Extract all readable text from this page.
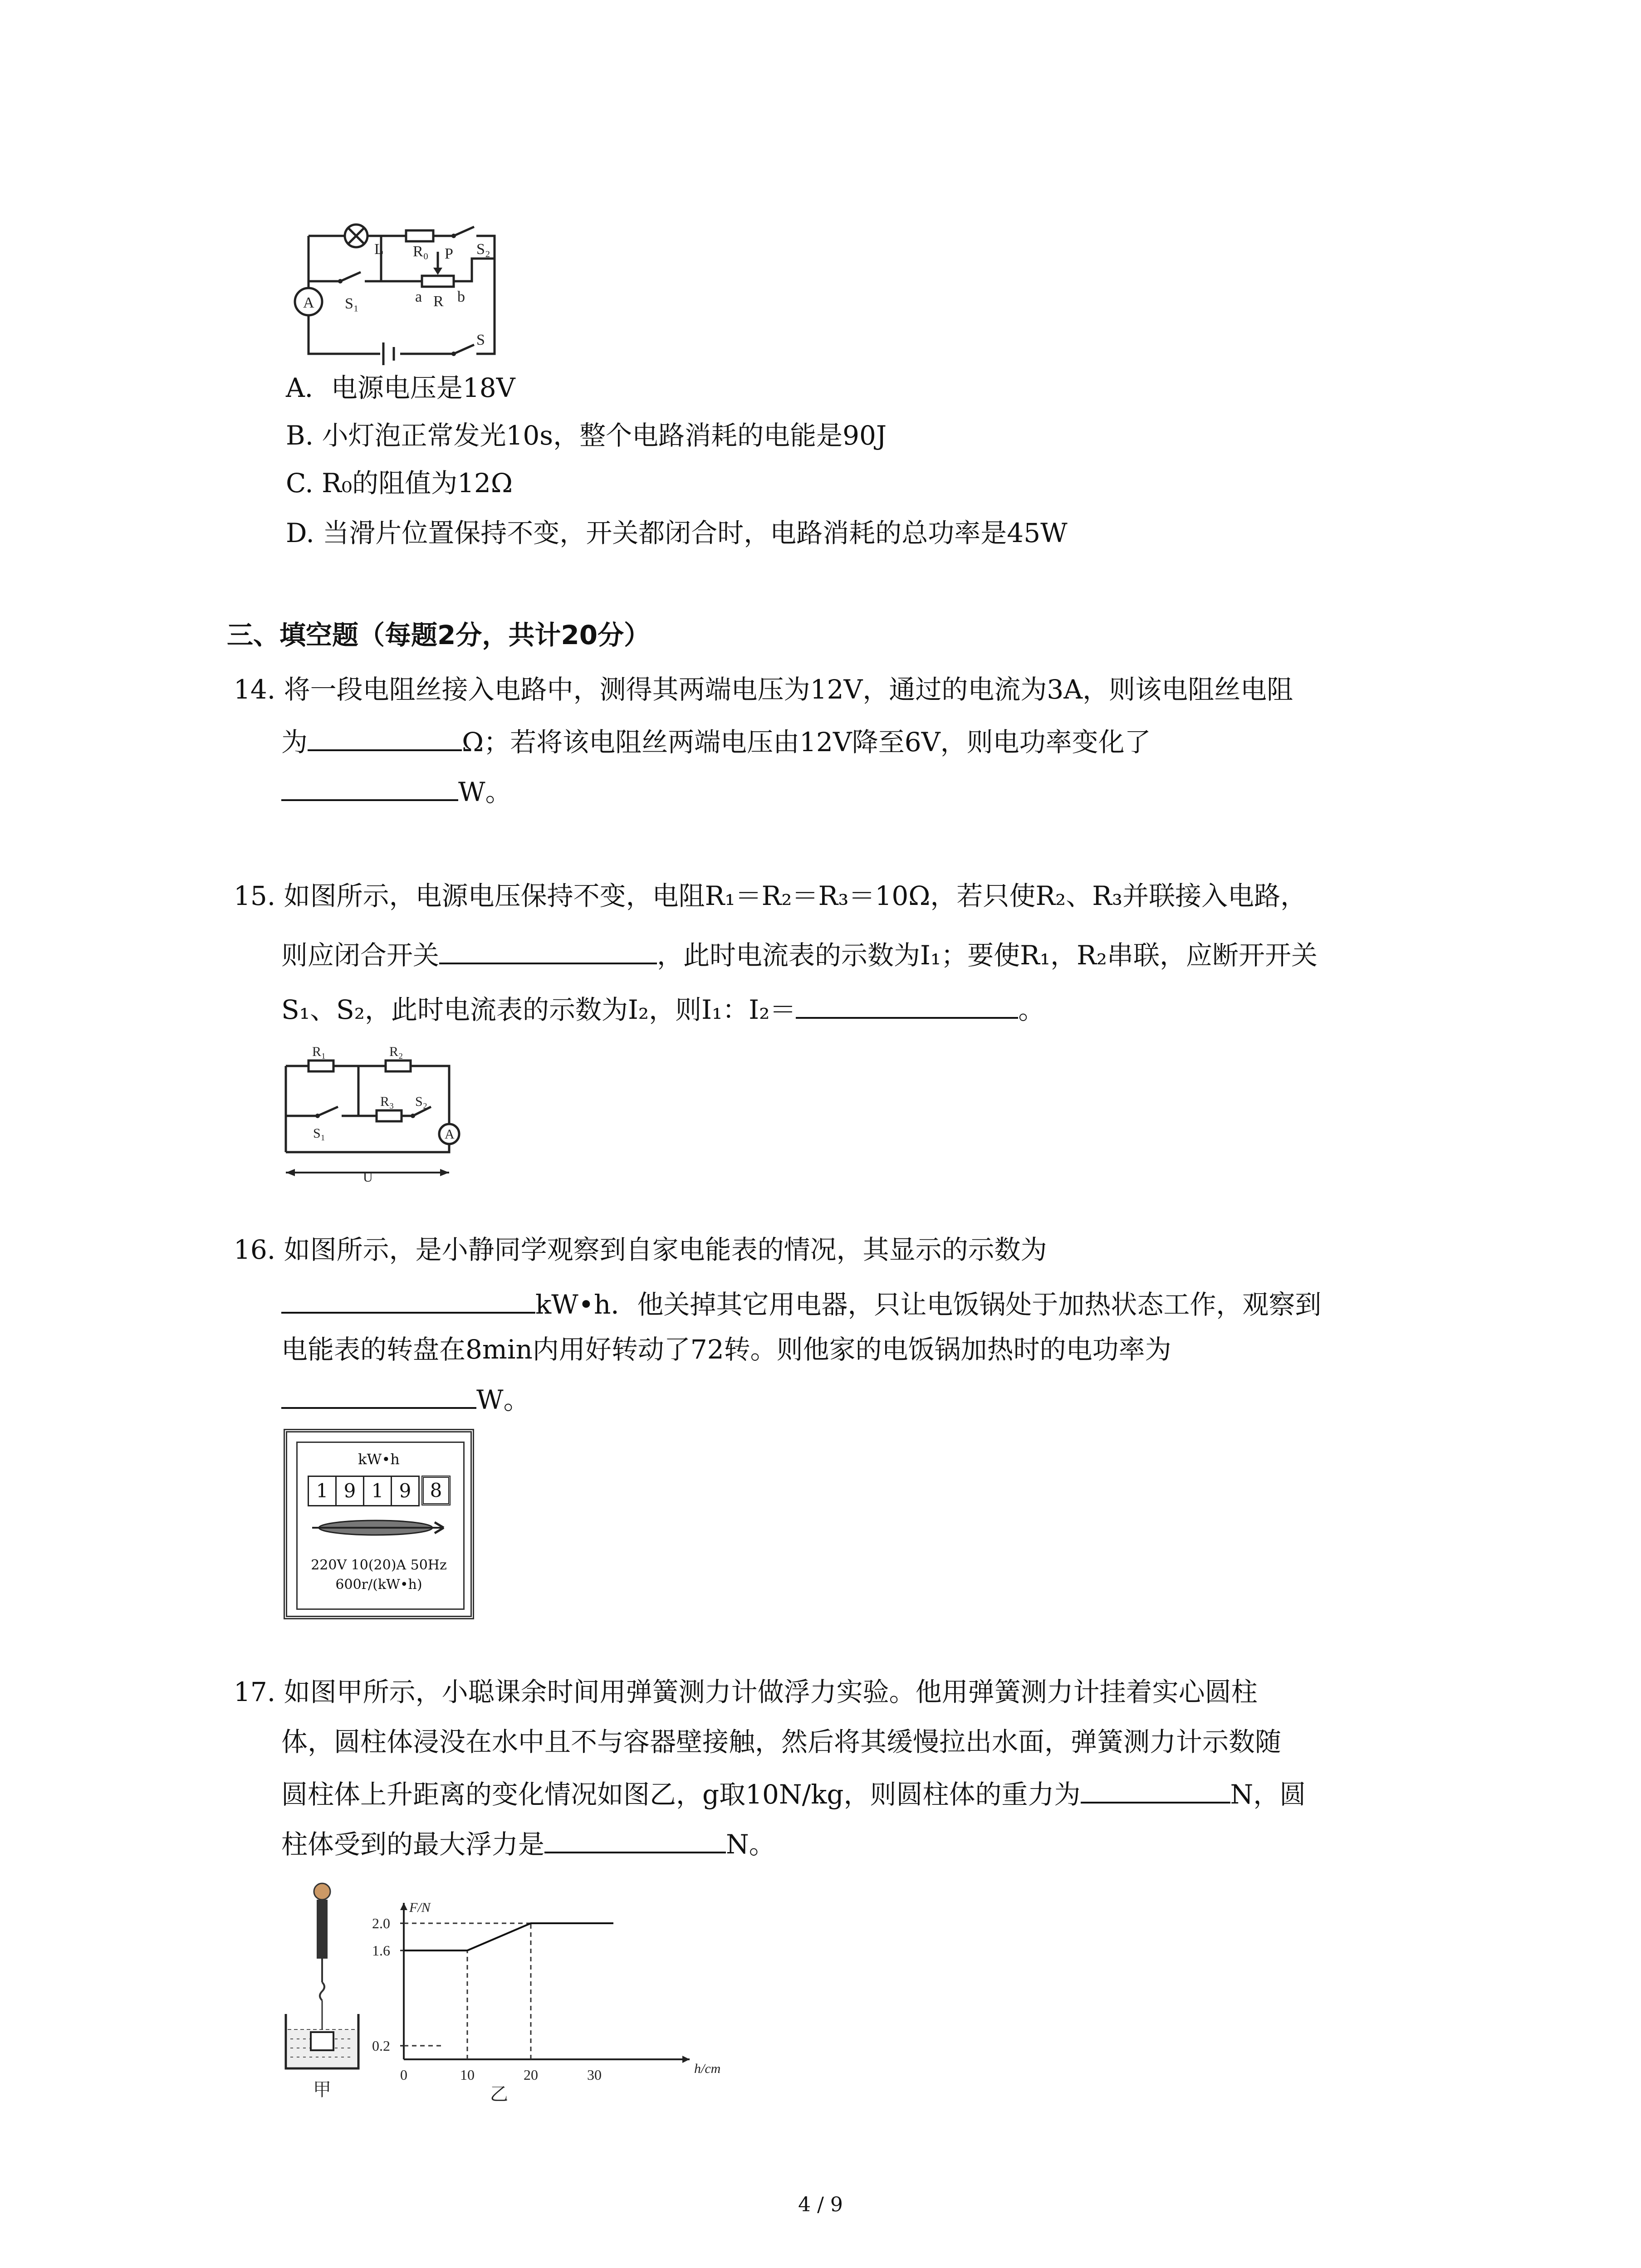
L R₀	S₂
P
S₁	a R b
A
S
A．电源电压是18V
B. 小灯泡正常发光10s，整个电路消耗的电能是90J
C. R₀的阻值为12Ω
D. 当滑片位置保持不变，开关都闭合时，电路消耗的总功率是45W
三、填空题（每题2分，共计20分）
14. 将一段电阻丝接入电路中，测得其两端电压为12V，通过的电流为3A，则该电阻丝电阻
为	Ω；若将该电阻丝两端电压由12V降至6V，则电功率变化了
W。
15. 如图所示，电源电压保持不变，电阻R₁＝R₂＝R₃＝10Ω，若只使R₂、R₃并联接入电路，
则应闭合开关	，此时电流表的示数为I₁；要使R₁，R₂串联，应断开开关
S₁、S₂，此时电流表的示数为I₂，则I₁：I₂＝	。
R₁	R₂
R₃ S₂
S₁	A
U
16. 如图所示，是小静同学观察到自家电能表的情况，其显示的示数为
kW•h．他关掉其它用电器，只让电饭锅处于加热状态工作，观察到
电能表的转盘在8min内用好转动了72转。则他家的电饭锅加热时的电功率为
W。
kW•h
1 9 1 9 8
220V 10(20)A 50Hz
600r/(kW•h)
17. 如图甲所示，小聪课余时间用弹簧测力计做浮力实验。他用弹簧测力计挂着实心圆柱
体，圆柱体浸没在水中且不与容器壁接触，然后将其缓慢拉出水面，弹簧测力计示数随
圆柱体上升距离的变化情况如图乙，g取10N/kg，则圆柱体的重力为	N，圆
柱体受到的最大浮力是	N。
甲
h/cm
F/N
0	10	20	30
0.2
1.6
2.0
乙
4 / 9
